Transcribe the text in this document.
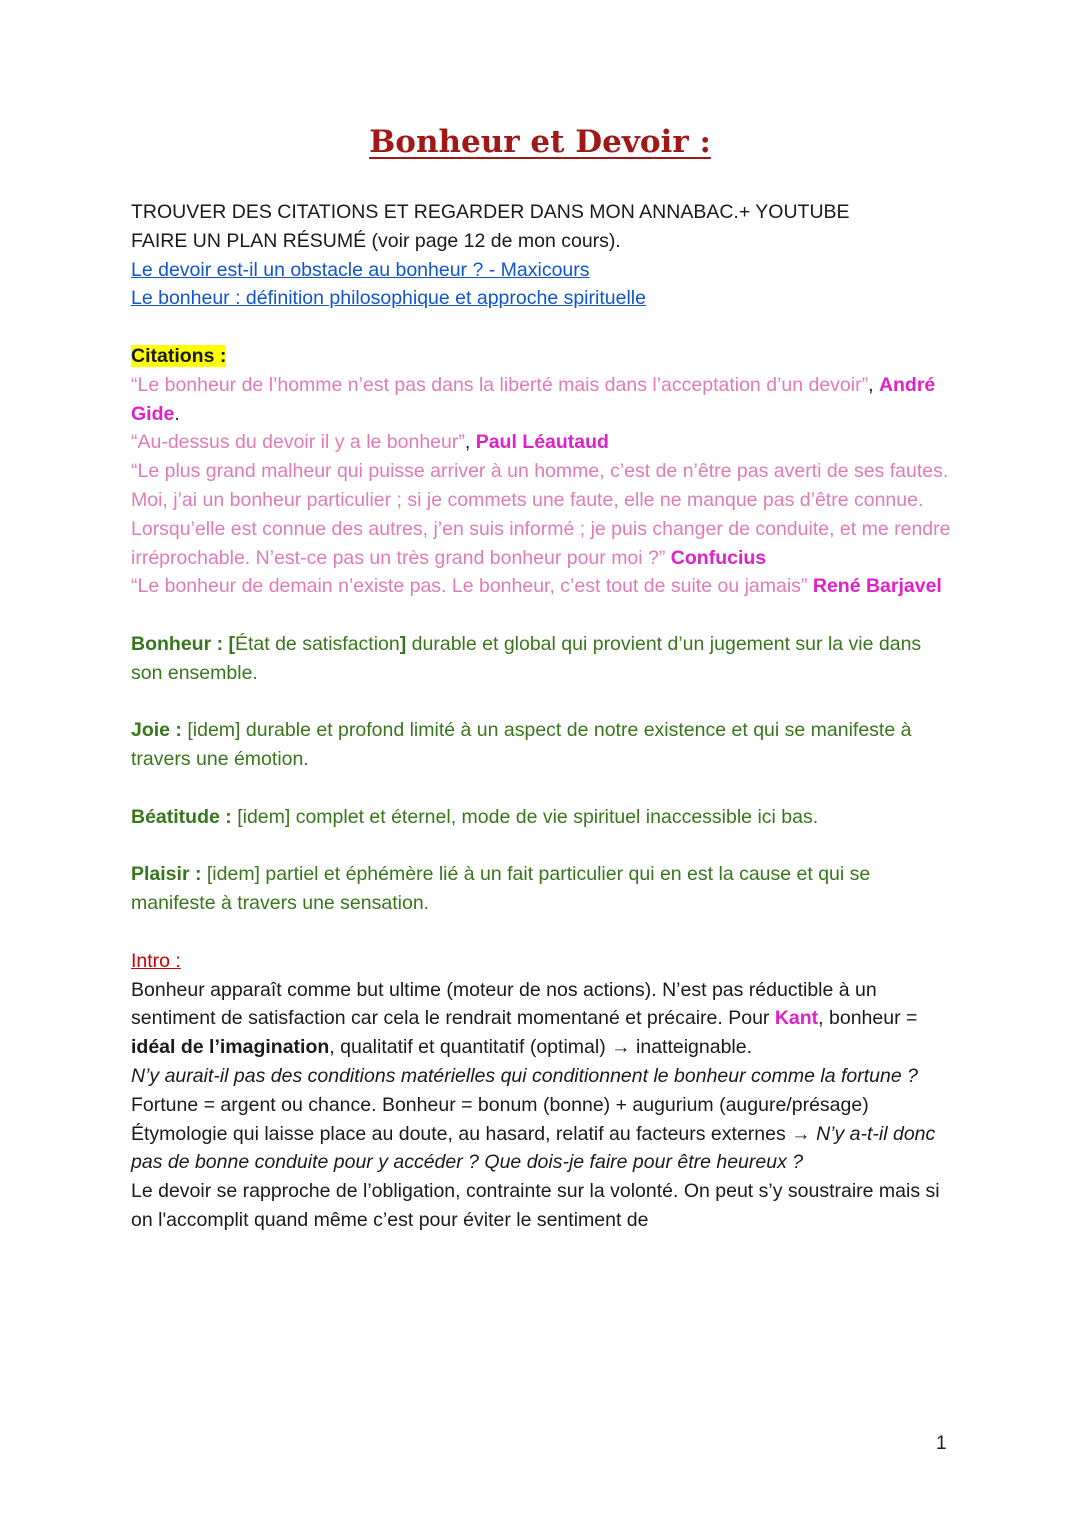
Bonheur et Devoir :

TROUVER DES CITATIONS ET REGARDER DANS MON ANNABAC.+ YOUTUBE

FAIRE UN PLAN RÉSUMÉ (voir page 12 de mon cours).

Le devoir est-il un obstacle au bonheur ? - Maxicours
Le bonheur : définition philosophique et approche spirituelle

Citations :

“Le bonheur de l’homme n’est pas dans la liberté mais dans l’acceptation d’un devoir”, André Gide.

“Au-dessus du devoir il y a le bonheur”, Paul Léautaud

“Le plus grand malheur qui puisse arriver à un homme, c’est de n’être pas averti de ses fautes. Moi, j’ai un bonheur particulier ; si je commets une faute, elle ne manque pas d’être connue. Lorsqu’elle est connue des autres, j’en suis informé ; je puis changer de conduite, et me rendre irréprochable. N’est-ce pas un très grand bonheur pour moi ?” Confucius

“Le bonheur de demain n’existe pas. Le bonheur, c’est tout de suite ou jamais” René Barjavel

Bonheur : [État de satisfaction] durable et global qui provient d’un jugement sur la vie dans son ensemble.

Joie : [idem] durable et profond limité à un aspect de notre existence et qui se manifeste à travers une émotion.

Béatitude : [idem] complet et éternel, mode de vie spirituel inaccessible ici bas.

Plaisir : [idem] partiel et éphémère lié à un fait particulier qui en est la cause et qui se manifeste à travers une sensation.

Intro :

Bonheur apparaît comme but ultime (moteur de nos actions). N’est pas réductible à un sentiment de satisfaction car cela le rendrait momentané et précaire. Pour Kant, bonheur = idéal de l’imagination, qualitatif et quantitatif (optimal) → inatteignable.

N’y aurait-il pas des conditions matérielles qui conditionnent le bonheur comme la fortune ?

Fortune = argent ou chance. Bonheur = bonum (bonne) + augurium (augure/présage)

Étymologie qui laisse place au doute, au hasard, relatif au facteurs externes → N’y a-t-il donc pas de bonne conduite pour y accéder ? Que dois-je faire pour être heureux ?

Le devoir se rapproche de l’obligation, contrainte sur la volonté. On peut s’y soustraire mais si on l'accomplit quand même c’est pour éviter le sentiment de

1
